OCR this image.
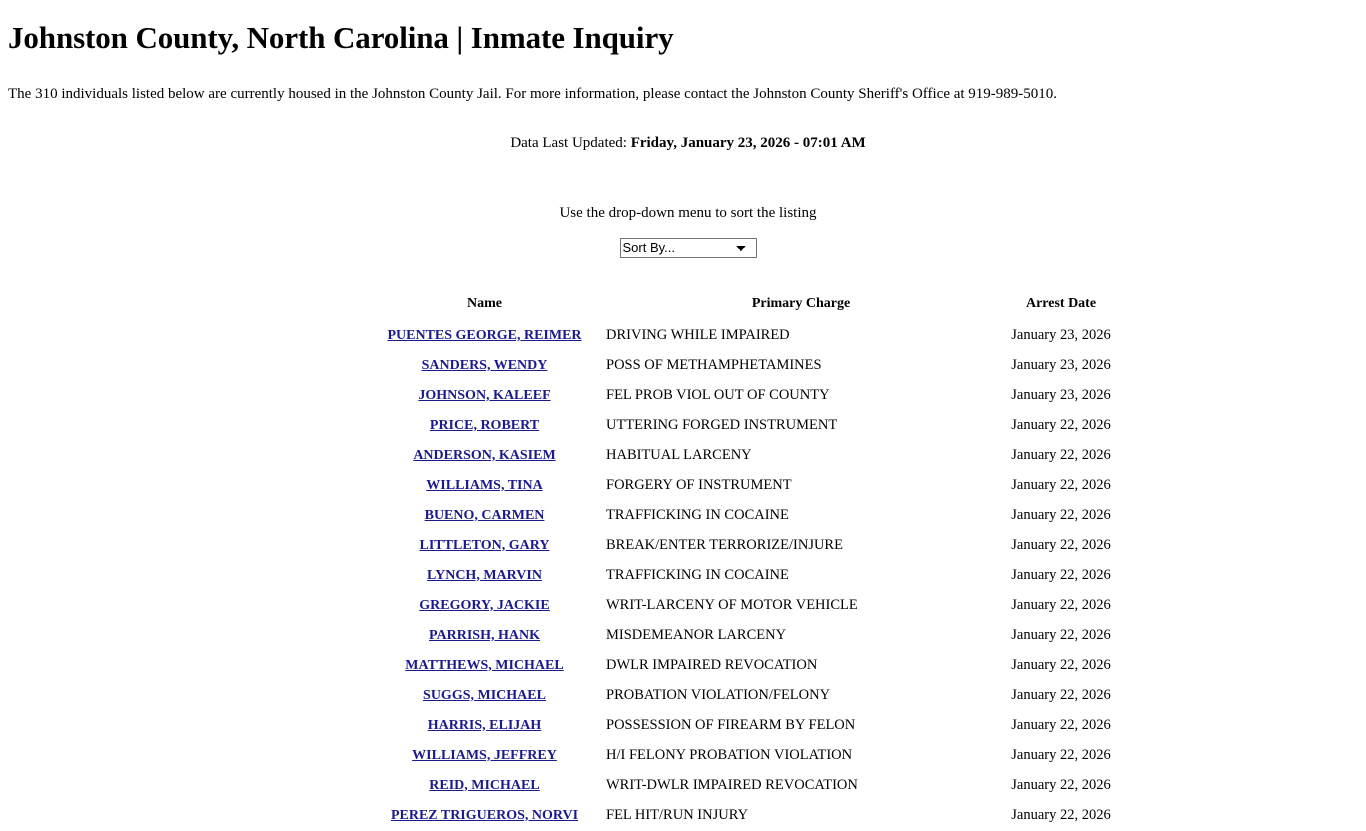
Johnston County, North Carolina | Inmate Inquiry

The 310 individuals listed below are currently housed in the Johnston County Jail. For more information, please contact the Johnston County Sheriff's Office at 919-989-5010.

Data Last Updated: Friday, January 23, 2026 - 07:01 AM
Use the drop-down menu to sort the listing
Sort By...
	Name	Primary Charge	Arrest Date	
	PUENTES GEORGE, REIMER	DRIVING WHILE IMPAIRED	January 23, 2026	
	SANDERS, WENDY	POSS OF METHAMPHETAMINES	January 23, 2026	
	JOHNSON, KALEEF	FEL PROB VIOL OUT OF COUNTY	January 23, 2026	
	PRICE, ROBERT	UTTERING FORGED INSTRUMENT	January 22, 2026	
	ANDERSON, KASIEM	HABITUAL LARCENY	January 22, 2026	
	WILLIAMS, TINA	FORGERY OF INSTRUMENT	January 22, 2026	
	BUENO, CARMEN	TRAFFICKING IN COCAINE	January 22, 2026	
	LITTLETON, GARY	BREAK/ENTER TERRORIZE/INJURE	January 22, 2026	
	LYNCH, MARVIN	TRAFFICKING IN COCAINE	January 22, 2026	
	GREGORY, JACKIE	WRIT-LARCENY OF MOTOR VEHICLE	January 22, 2026	
	PARRISH, HANK	MISDEMEANOR LARCENY	January 22, 2026	
	MATTHEWS, MICHAEL	DWLR IMPAIRED REVOCATION	January 22, 2026	
	SUGGS, MICHAEL	PROBATION VIOLATION/FELONY	January 22, 2026	
	HARRIS, ELIJAH	POSSESSION OF FIREARM BY FELON	January 22, 2026	
	WILLIAMS, JEFFREY	H/I FELONY PROBATION VIOLATION	January 22, 2026	
	REID, MICHAEL	WRIT-DWLR IMPAIRED REVOCATION	January 22, 2026	
	PEREZ TRIGUEROS, NORVI	FEL HIT/RUN INJURY	January 22, 2026	
